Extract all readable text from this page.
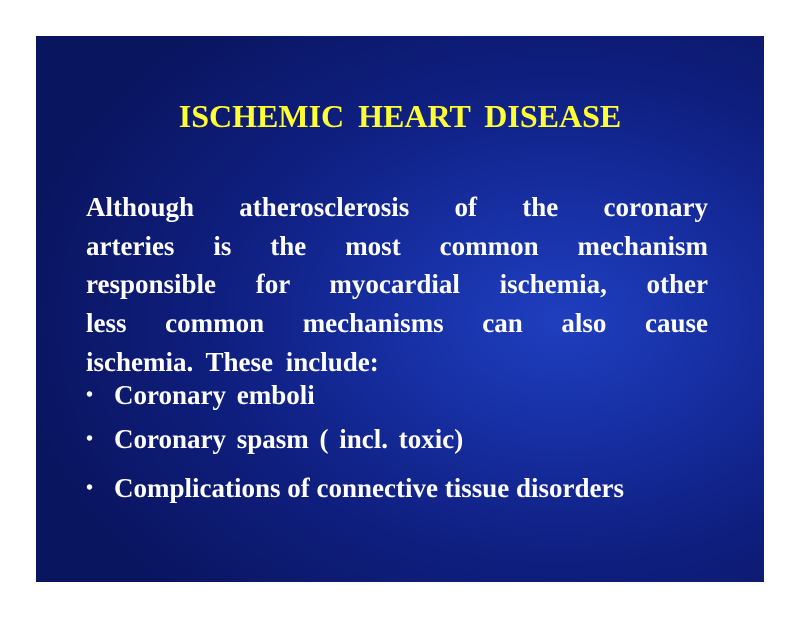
ISCHEMIC HEART DISEASE
Although atherosclerosis of the coronary
arteries is the most common mechanism
responsible for myocardial ischemia, other
less common mechanisms can also cause
ischemia. These include:
• Coronary emboli
• Coronary spasm ( incl. toxic)
• Complications of connective tissue disorders
